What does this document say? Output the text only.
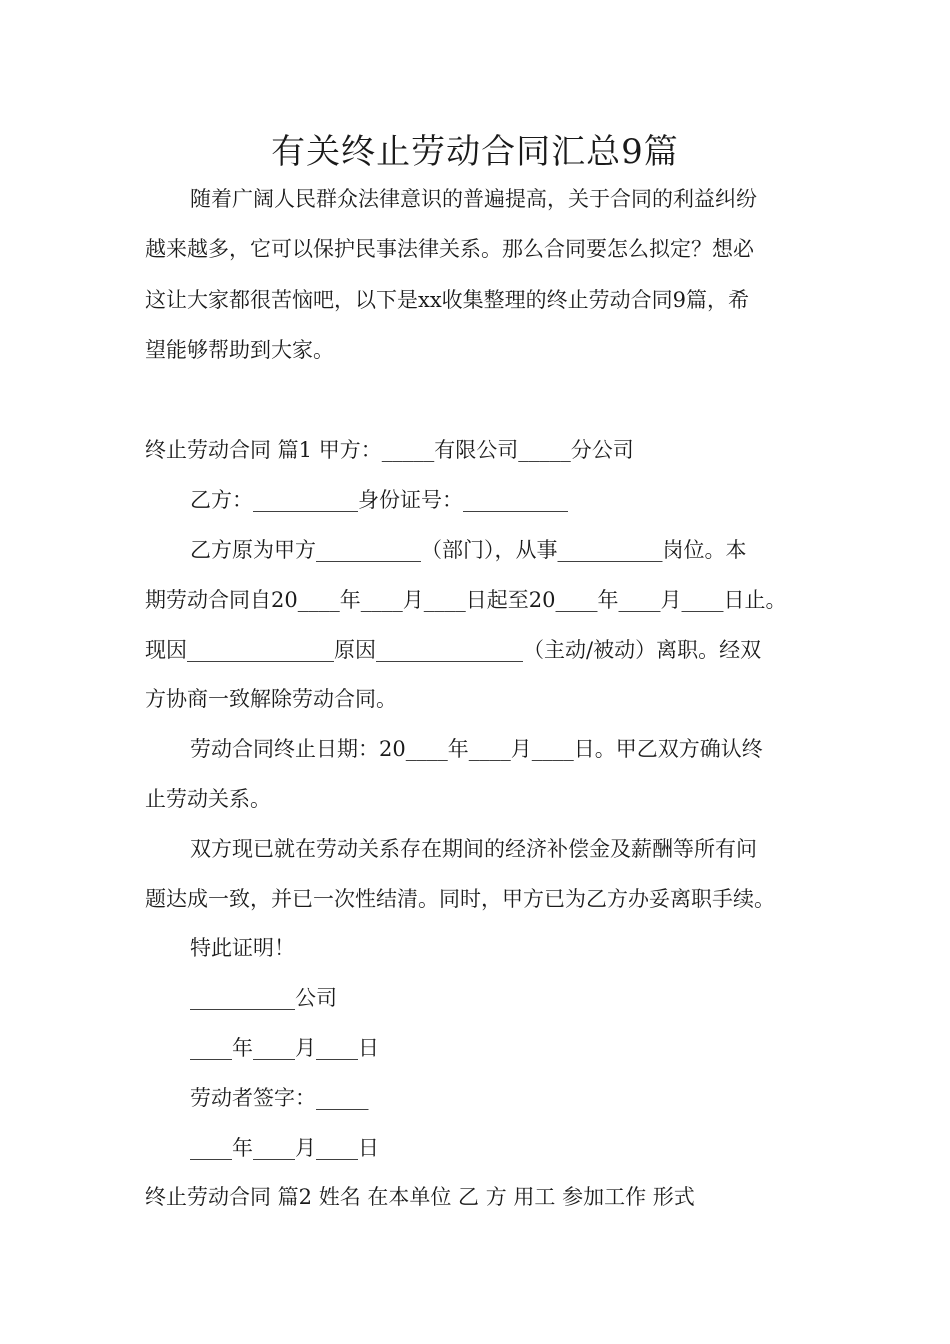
有关终止劳动合同汇总9篇
随着广阔人民群众法律意识的普遍提高，关于合同的利益纠纷
越来越多，它可以保护民事法律关系。那么合同要怎么拟定？想必
这让大家都很苦恼吧，以下是xx收集整理的终止劳动合同9篇，希
望能够帮助到大家。
终止劳动合同 篇1 甲方：_____有限公司_____分公司
乙方：__________身份证号：__________
乙方原为甲方__________（部门），从事__________岗位。本
期劳动合同自20____年____月____日起至20____年____月____日止。
现因______________原因______________（主动/被动）离职。经双
方协商一致解除劳动合同。
劳动合同终止日期：20____年____月____日。甲乙双方确认终
止劳动关系。
双方现已就在劳动关系存在期间的经济补偿金及薪酬等所有问
题达成一致，并已一次性结清。同时，甲方已为乙方办妥离职手续。
特此证明！
__________公司
____年____月____日
劳动者签字：_____
____年____月____日
终止劳动合同 篇2 姓名 在本单位 乙 方 用工 参加工作 形式
